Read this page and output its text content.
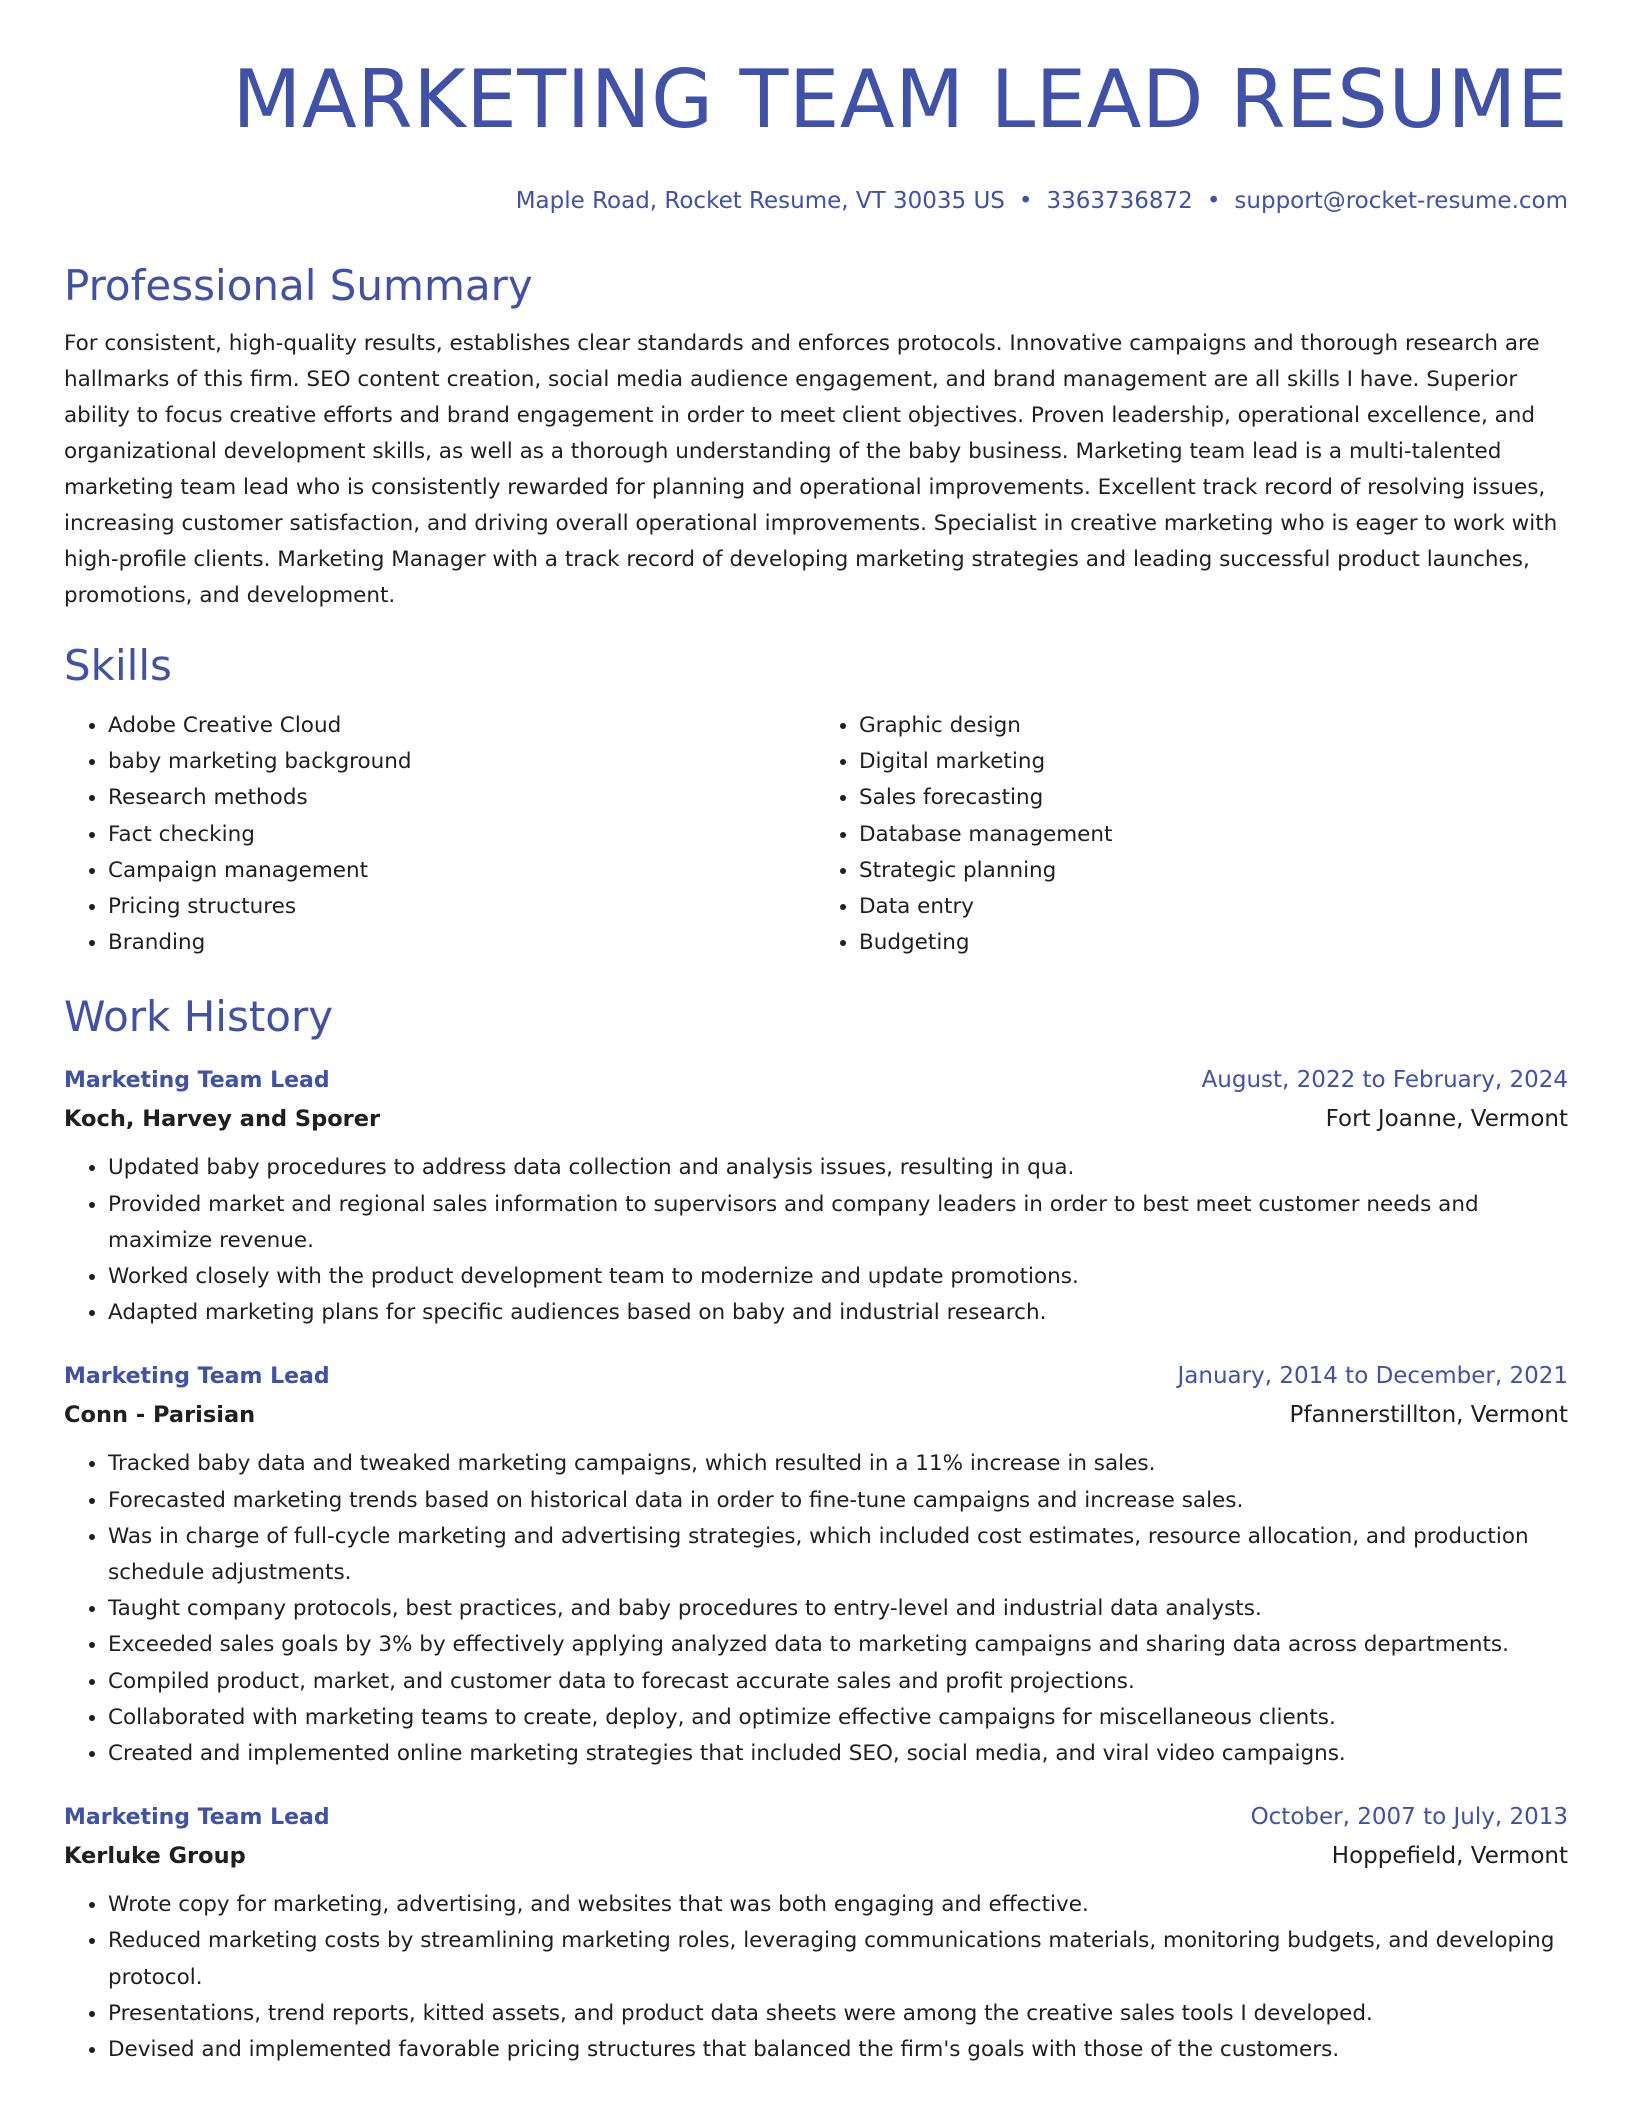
MARKETING TEAM LEAD RESUME
Maple Road, Rocket Resume, VT 30035 US • 3363736872 • support@rocket-resume.com
Professional Summary
For consistent, high-quality results, establishes clear standards and enforces protocols. Innovative campaigns and thorough research are hallmarks of this firm. SEO content creation, social media audience engagement, and brand management are all skills I have. Superior ability to focus creative efforts and brand engagement in order to meet client objectives. Proven leadership, operational excellence, and organizational development skills, as well as a thorough understanding of the baby business. Marketing team lead is a multi-talented marketing team lead who is consistently rewarded for planning and operational improvements. Excellent track record of resolving issues, increasing customer satisfaction, and driving overall operational improvements. Specialist in creative marketing who is eager to work with high-profile clients. Marketing Manager with a track record of developing marketing strategies and leading successful product launches, promotions, and development.
Skills
• Adobe Creative Cloud
• baby marketing background
• Research methods
• Fact checking
• Campaign management
• Pricing structures
• Branding
• Graphic design
• Digital marketing
• Sales forecasting
• Database management
• Strategic planning
• Data entry
• Budgeting
Work History
Marketing Team Lead	August, 2022 to February, 2024
Koch, Harvey and Sporer	Fort Joanne, Vermont
• Updated baby procedures to address data collection and analysis issues, resulting in qua.
• Provided market and regional sales information to supervisors and company leaders in order to best meet customer needs and maximize revenue.
• Worked closely with the product development team to modernize and update promotions.
• Adapted marketing plans for specific audiences based on baby and industrial research.
Marketing Team Lead	January, 2014 to December, 2021
Conn - Parisian	Pfannerstillton, Vermont
• Tracked baby data and tweaked marketing campaigns, which resulted in a 11% increase in sales.
• Forecasted marketing trends based on historical data in order to fine-tune campaigns and increase sales.
• Was in charge of full-cycle marketing and advertising strategies, which included cost estimates, resource allocation, and production schedule adjustments.
• Taught company protocols, best practices, and baby procedures to entry-level and industrial data analysts.
• Exceeded sales goals by 3% by effectively applying analyzed data to marketing campaigns and sharing data across departments.
• Compiled product, market, and customer data to forecast accurate sales and profit projections.
• Collaborated with marketing teams to create, deploy, and optimize effective campaigns for miscellaneous clients.
• Created and implemented online marketing strategies that included SEO, social media, and viral video campaigns.
Marketing Team Lead	October, 2007 to July, 2013
Kerluke Group	Hoppefield, Vermont
• Wrote copy for marketing, advertising, and websites that was both engaging and effective.
• Reduced marketing costs by streamlining marketing roles, leveraging communications materials, monitoring budgets, and developing protocol.
• Presentations, trend reports, kitted assets, and product data sheets were among the creative sales tools I developed.
• Devised and implemented favorable pricing structures that balanced the firm's goals with those of the customers.
